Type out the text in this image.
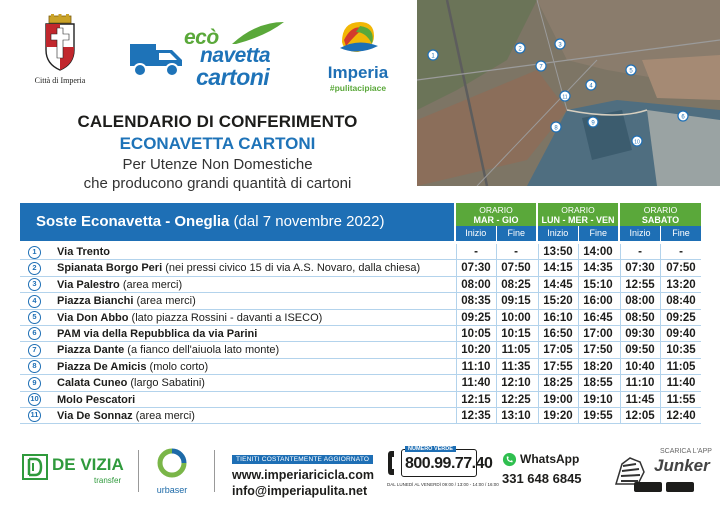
Città di Imperia
ecò
navetta
cartoni	Imperia
#pulitacipiace
1
2
3
4
5
6
7
8
9
10
11
CALENDARIO DI CONFERIMENTO
ECONAVETTA CARTONI
Per Utenze Non Domestiche
che producono grandi quantità di cartoni
Soste Econavetta - Oneglia (dal 7 novembre 2022)
ORARIO
MAR - GIO
Inizio	Fine
ORARIO
LUN - MER - VEN
Inizio	Fine
ORARIO
SABATO
Inizio	Fine
1	Via Trento	-	-	13:50 14:00	-	-
2	Spianata Borgo Peri (nei pressi civico 15 di via A.S. Novaro, dalla chiesa)	07:30 07:50	14:15 14:35	07:30	07:50
3	Via Palestro (area merci)	08:00 08:25	14:45 15:10	12:55	13:20
4	Piazza Bianchi (area merci)	08:35 09:15	15:20 16:00	08:00	08:40
5	Via Don Abbo (lato piazza Rossini - davanti a ISECO)	09:25 10:00	16:10 16:45	08:50	09:25
6	PAM via della Repubblica da via Parini	10:05 10:15	16:50 17:00	09:30	09:40
7	Piazza Dante (a fianco dell'aiuola lato monte)	10:20 11:05	17:05 17:50	09:50	10:35
8	Piazza De Amicis (molo corto)	11:10 11:35	17:55 18:20	10:40	11:05
9	Calata Cuneo (largo Sabatini)	11:40 12:10	18:25 18:55	11:10	11:40
10 Molo Pescatori	12:15 12:25	19:00 19:10	11:45	11:55
11 Via De Sonnaz (area merci)	12:35 13:10	19:20 19:55	12:05	12:40
DE VIZIA
transfer
urbaser
TIENITI COSTANTEMENTE AGGIORNATO
www.imperiaricicla.com
info@imperiapulita.net
NUMERO VERDE
800.99.77.40
DAL LUNEDÌ AL VENERDÌ 09:00 / 13:00 - 14:00 / 16:00
WhatsApp
331 648 6845
SCARICA L'APP
Junker
